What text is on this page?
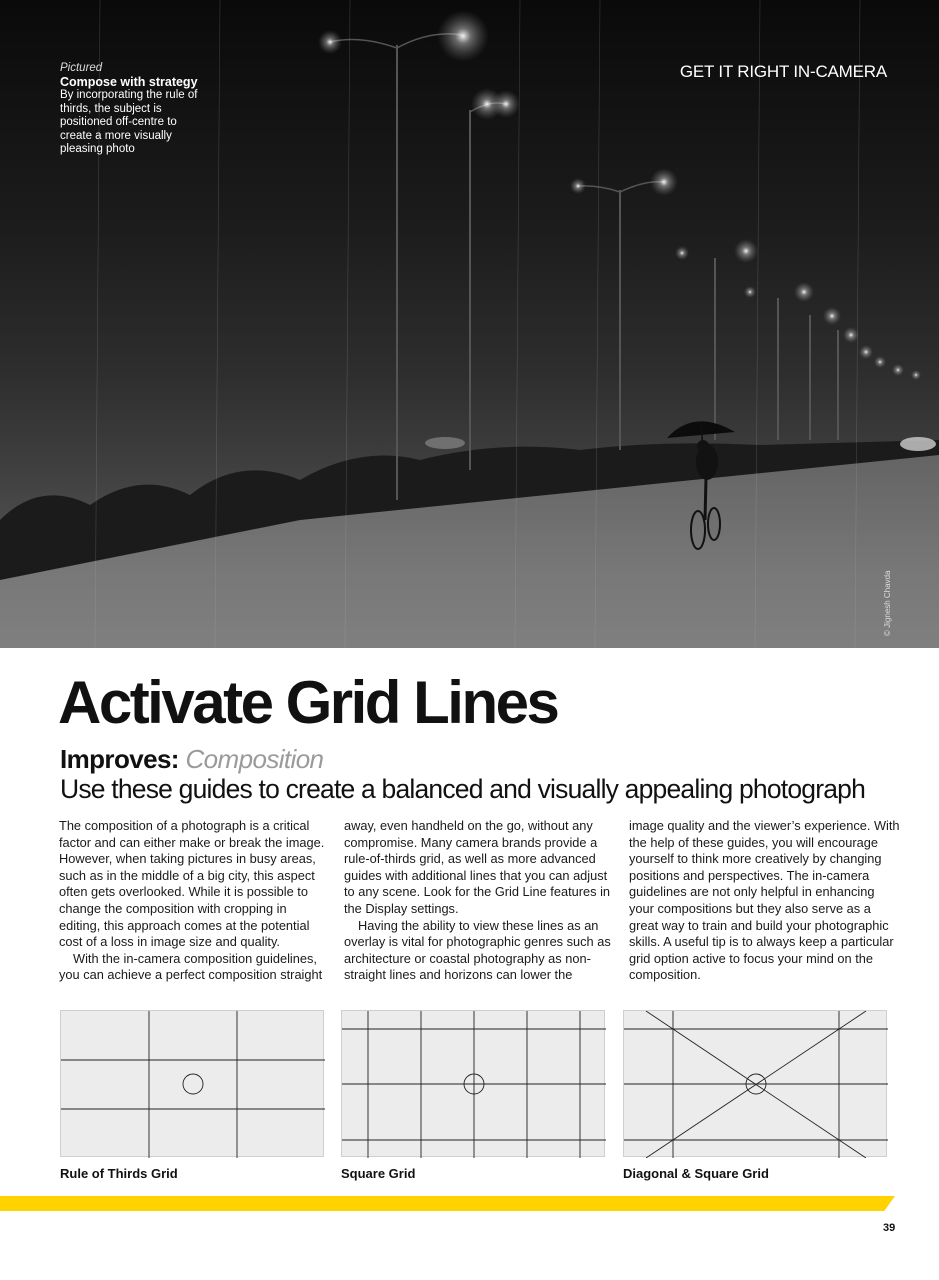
Pictured
Compose with strategy
By incorporating the rule of thirds, the subject is positioned off-centre to create a more visually pleasing photo
GET IT RIGHT IN-CAMERA
© Jignesh Chavda
Activate Grid Lines
Improves: Composition
Use these guides to create a balanced and visually appealing photograph

The composition of a photograph is a critical factor and can either make or break the image. However, when taking pictures in busy areas, such as in the middle of a big city, this aspect often gets overlooked. While it is possible to change the composition with cropping in editing, this approach comes at the potential cost of a loss in image size and quality.

With the in-camera composition guidelines, you can achieve a perfect composition straight

away, even handheld on the go, without any compromise. Many camera brands provide a rule-of-thirds grid, as well as more advanced guides with additional lines that you can adjust to any scene. Look for the Grid Line features in the Display settings.

Having the ability to view these lines as an overlay is vital for photographic genres such as architecture or coastal photography as non-straight lines and horizons can lower the

image quality and the viewer’s experience. With the help of these guides, you will encourage yourself to think more creatively by changing positions and perspectives. The in-camera guidelines are not only helpful in enhancing your compositions but they also serve as a great way to train and build your photographic skills. A useful tip is to always keep a particular grid option active to focus your mind on the composition.

Rule of Thirds Grid	Square Grid	Diagonal & Square Grid
39
